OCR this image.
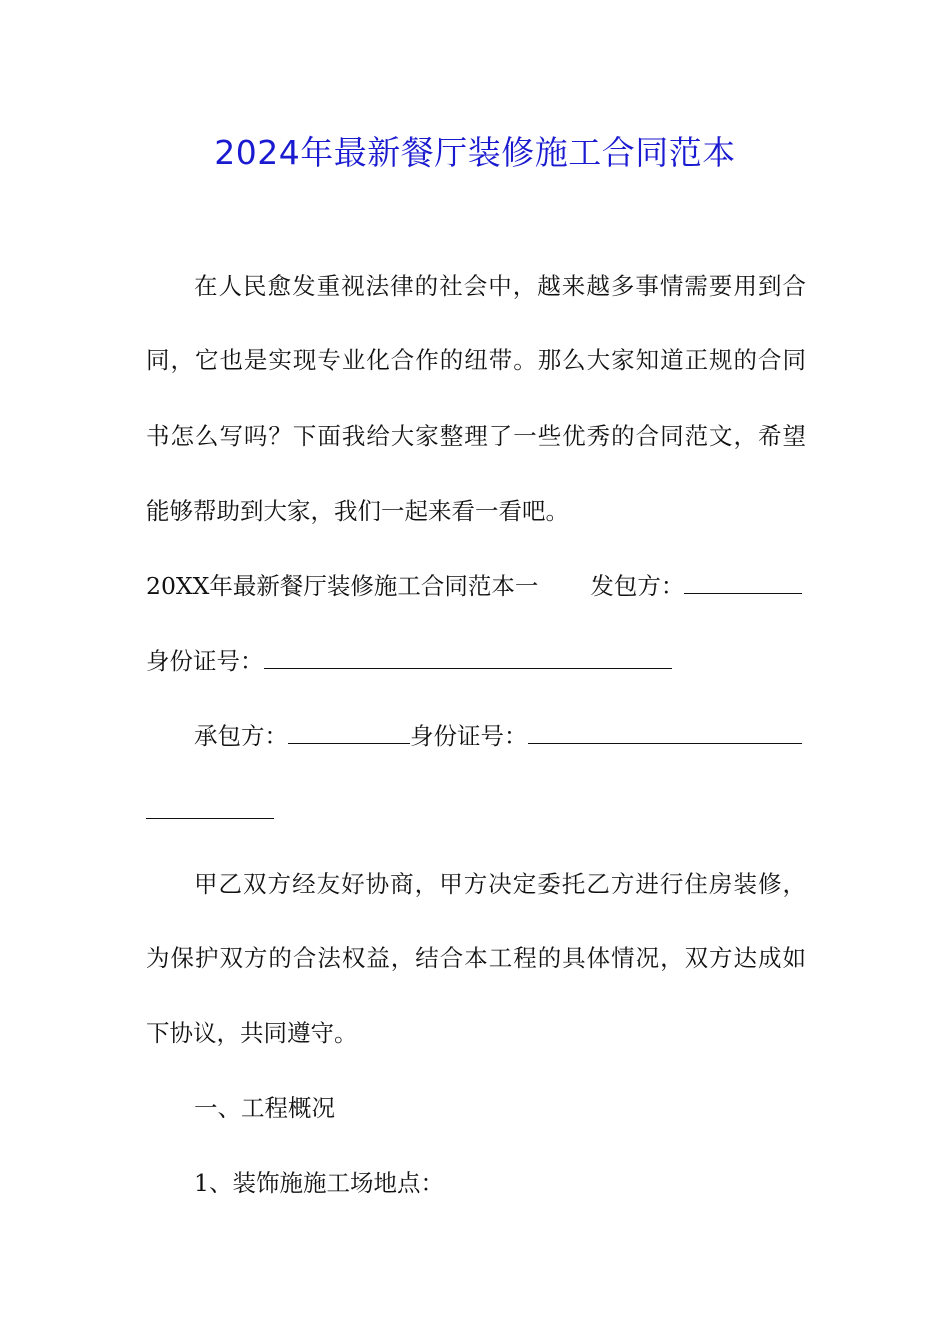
2024年最新餐厅装修施工合同范本
在人民愈发重视法律的社会中，越来越多事情需要用到合
同，它也是实现专业化合作的纽带。那么大家知道正规的合同
书怎么写吗？下面我给大家整理了一些优秀的合同范文，希望
能够帮助到大家，我们一起来看一看吧。
20XX年最新餐厅装修施工合同范本一 发包方：
身份证号：
承包方：	身份证号：
甲乙双方经友好协商，甲方决定委托乙方进行住房装修，
为保护双方的合法权益，结合本工程的具体情况，双方达成如
下协议，共同遵守。
一、工程概况
1、装饰施施工场地点：
